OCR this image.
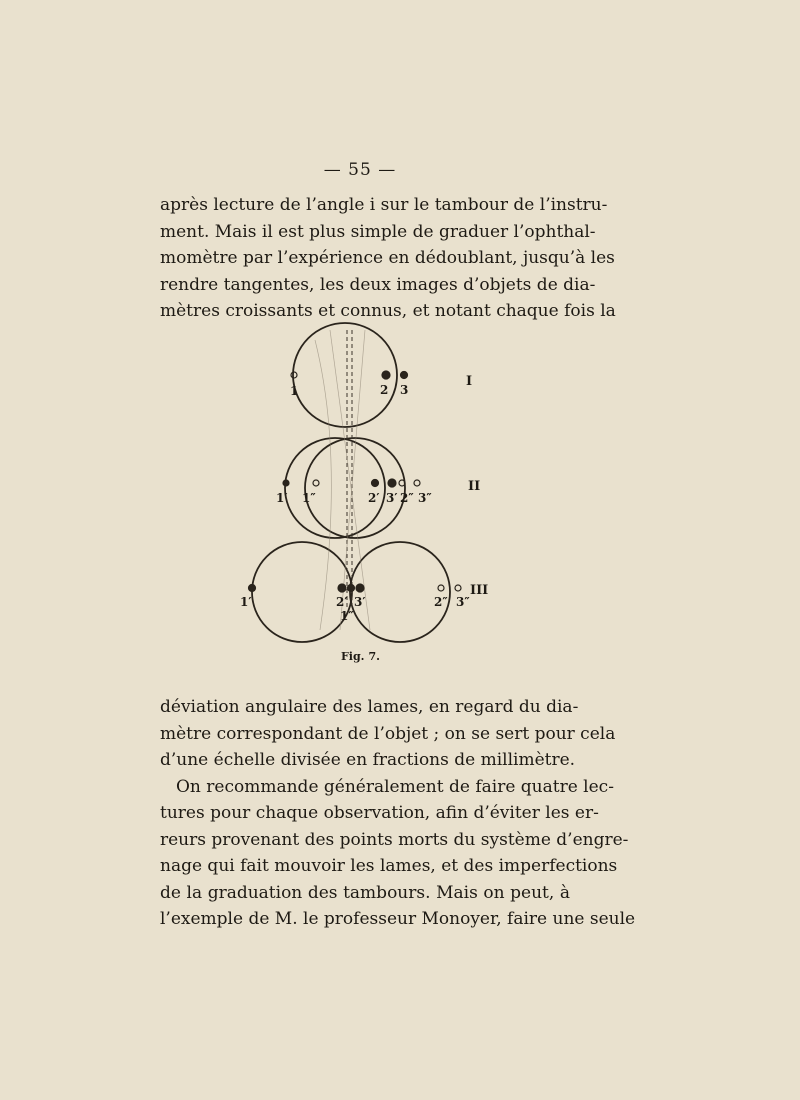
— 55 —
après lecture de l’angle i sur le tambour de l’instru-
ment. Mais il est plus simple de graduer l’ophthal-
momètre par l’expérience en dédoublant, jusqu’à les
rendre tangentes, les deux images d’objets de dia-
mètres croissants et connus, et notant chaque fois la
1	2 3
I
1′ 1″	2′ 3′ 2″ 3″
II
1′	2′ 3′
1″
2″ 3″
III
Fig. 7.
déviation angulaire des lames, en regard du dia-
mètre correspondant de l’objet ; on se sert pour cela
d’une échelle divisée en fractions de millimètre.
On recommande généralement de faire quatre lec-
tures pour chaque observation, afin d’éviter les er-
reurs provenant des points morts du système d’engre-
nage qui fait mouvoir les lames, et des imperfections
de la graduation des tambours. Mais on peut, à
l’exemple de M. le professeur Monoyer, faire une seule
